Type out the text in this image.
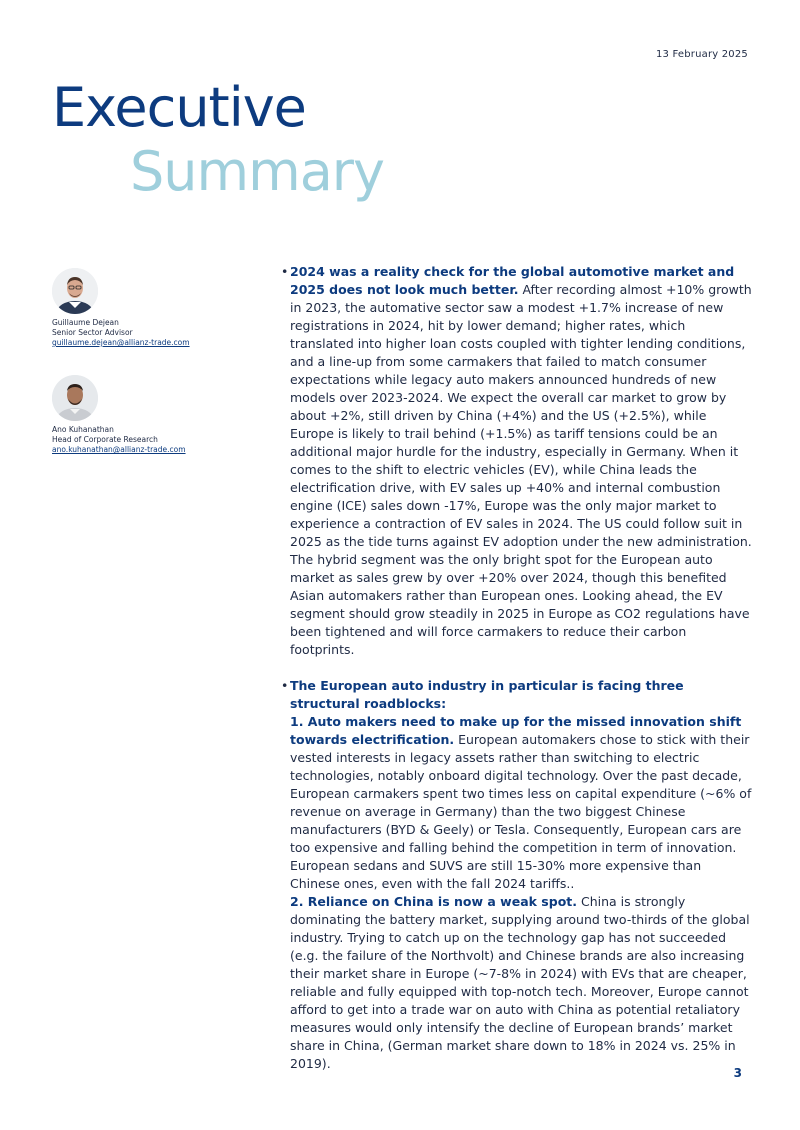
13 February 2025
Executive
Summary
Guillaume Dejean
Senior Sector Advisor
guillaume.dejean@allianz-trade.com
Ano Kuhanathan
Head of Corporate Research
ano.kuhanathan@allianz-trade.com
• 2024 was a reality check for the global automotive market and 2025 does not look much better. After recording almost +10% growth in 2023, the automative sector saw a modest +1.7% increase of new registrations in 2024, hit by lower demand; higher rates, which translated into higher loan costs coupled with tighter lending conditions, and a line-up from some carmakers that failed to match consumer expectations while legacy auto makers announced hundreds of new models over 2023-2024. We expect the overall car market to grow by about +2%, still driven by China (+4%) and the US (+2.5%), while Europe is likely to trail behind (+1.5%) as tariff tensions could be an additional major hurdle for the industry, especially in Germany. When it comes to the shift to electric vehicles (EV), while China leads the electrification drive, with EV sales up +40% and internal combustion engine (ICE) sales down -17%, Europe was the only major market to experience a contraction of EV sales in 2024. The US could follow suit in 2025 as the tide turns against EV adoption under the new administration. The hybrid segment was the only bright spot for the European auto market as sales grew by over +20% over 2024, though this benefited Asian automakers rather than European ones. Looking ahead, the EV segment should grow steadily in 2025 in Europe as CO2 regulations have been tightened and will force carmakers to reduce their carbon footprints.

• The European auto industry in particular is facing three structural roadblocks:

1. Auto makers need to make up for the missed innovation shift towards electrification. European automakers chose to stick with their vested interests in legacy assets rather than switching to electric technologies, notably onboard digital technology. Over the past decade, European carmakers spent two times less on capital expenditure (~6% of revenue on average in Germany) than the two biggest Chinese manufacturers (BYD & Geely) or Tesla. Consequently, European cars are too expensive and falling behind the competition in term of innovation. European sedans and SUVS are still 15-30% more expensive than Chinese ones, even with the fall 2024 tariffs..

2. Reliance on China is now a weak spot. China is strongly dominating the battery market, supplying around two-thirds of the global industry. Trying to catch up on the technology gap has not succeeded (e.g. the failure of the Northvolt) and Chinese brands are also increasing their market share in Europe (~7-8% in 2024) with EVs that are cheaper, reliable and fully equipped with top-notch tech. Moreover, Europe cannot afford to get into a trade war on auto with China as potential retaliatory measures would only intensify the decline of European brands’ market share in China, (German market share down to 18% in 2024 vs. 25% in 2019).

3
